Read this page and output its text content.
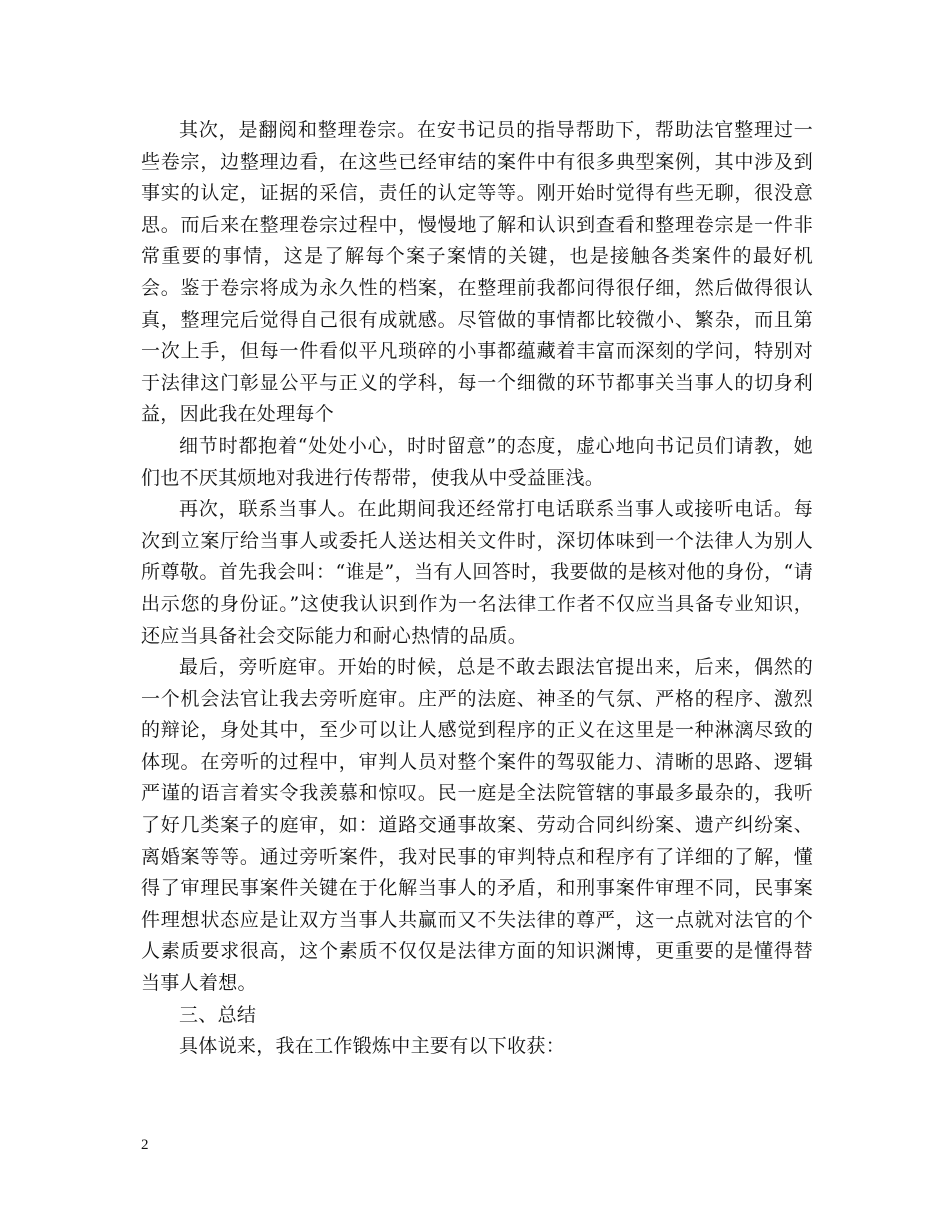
其次，是翻阅和整理卷宗。在安书记员的指导帮助下，帮助法官整理过一些卷宗，边整理边看，在这些已经审结的案件中有很多典型案例，其中涉及到事实的认定，证据的采信，责任的认定等等。刚开始时觉得有些无聊，很没意思。而后来在整理卷宗过程中，慢慢地了解和认识到查看和整理卷宗是一件非常重要的事情，这是了解每个案子案情的关键，也是接触各类案件的最好机会。鉴于卷宗将成为永久性的档案，在整理前我都问得很仔细，然后做得很认真，整理完后觉得自己很有成就感。尽管做的事情都比较微小、繁杂，而且第一次上手，但每一件看似平凡琐碎的小事都蕴藏着丰富而深刻的学问，特别对于法律这门彰显公平与正义的学科，每一个细微的环节都事关当事人的切身利益，因此我在处理每个

细节时都抱着“处处小心，时时留意”的态度，虚心地向书记员们请教，她们也不厌其烦地对我进行传帮带，使我从中受益匪浅。

再次，联系当事人。在此期间我还经常打电话联系当事人或接听电话。每次到立案厅给当事人或委托人送达相关文件时，深切体味到一个法律人为别人所尊敬。首先我会叫：“谁是”，当有人回答时，我要做的是核对他的身份，“请出示您的身份证。”这使我认识到作为一名法律工作者不仅应当具备专业知识，还应当具备社会交际能力和耐心热情的品质。

最后，旁听庭审。开始的时候，总是不敢去跟法官提出来，后来，偶然的一个机会法官让我去旁听庭审。庄严的法庭、神圣的气氛、严格的程序、激烈的辩论，身处其中，至少可以让人感觉到程序的正义在这里是一种淋漓尽致的体现。在旁听的过程中，审判人员对整个案件的驾驭能力、清晰的思路、逻辑严谨的语言着实令我羡慕和惊叹。民一庭是全法院管辖的事最多最杂的，我听了好几类案子的庭审，如：道路交通事故案、劳动合同纠纷案、遗产纠纷案、离婚案等等。通过旁听案件，我对民事的审判特点和程序有了详细的了解，懂得了审理民事案件关键在于化解当事人的矛盾，和刑事案件审理不同，民事案件理想状态应是让双方当事人共赢而又不失法律的尊严，这一点就对法官的个人素质要求很高，这个素质不仅仅是法律方面的知识渊博，更重要的是懂得替当事人着想。

三、总结

具体说来，我在工作锻炼中主要有以下收获：

2
